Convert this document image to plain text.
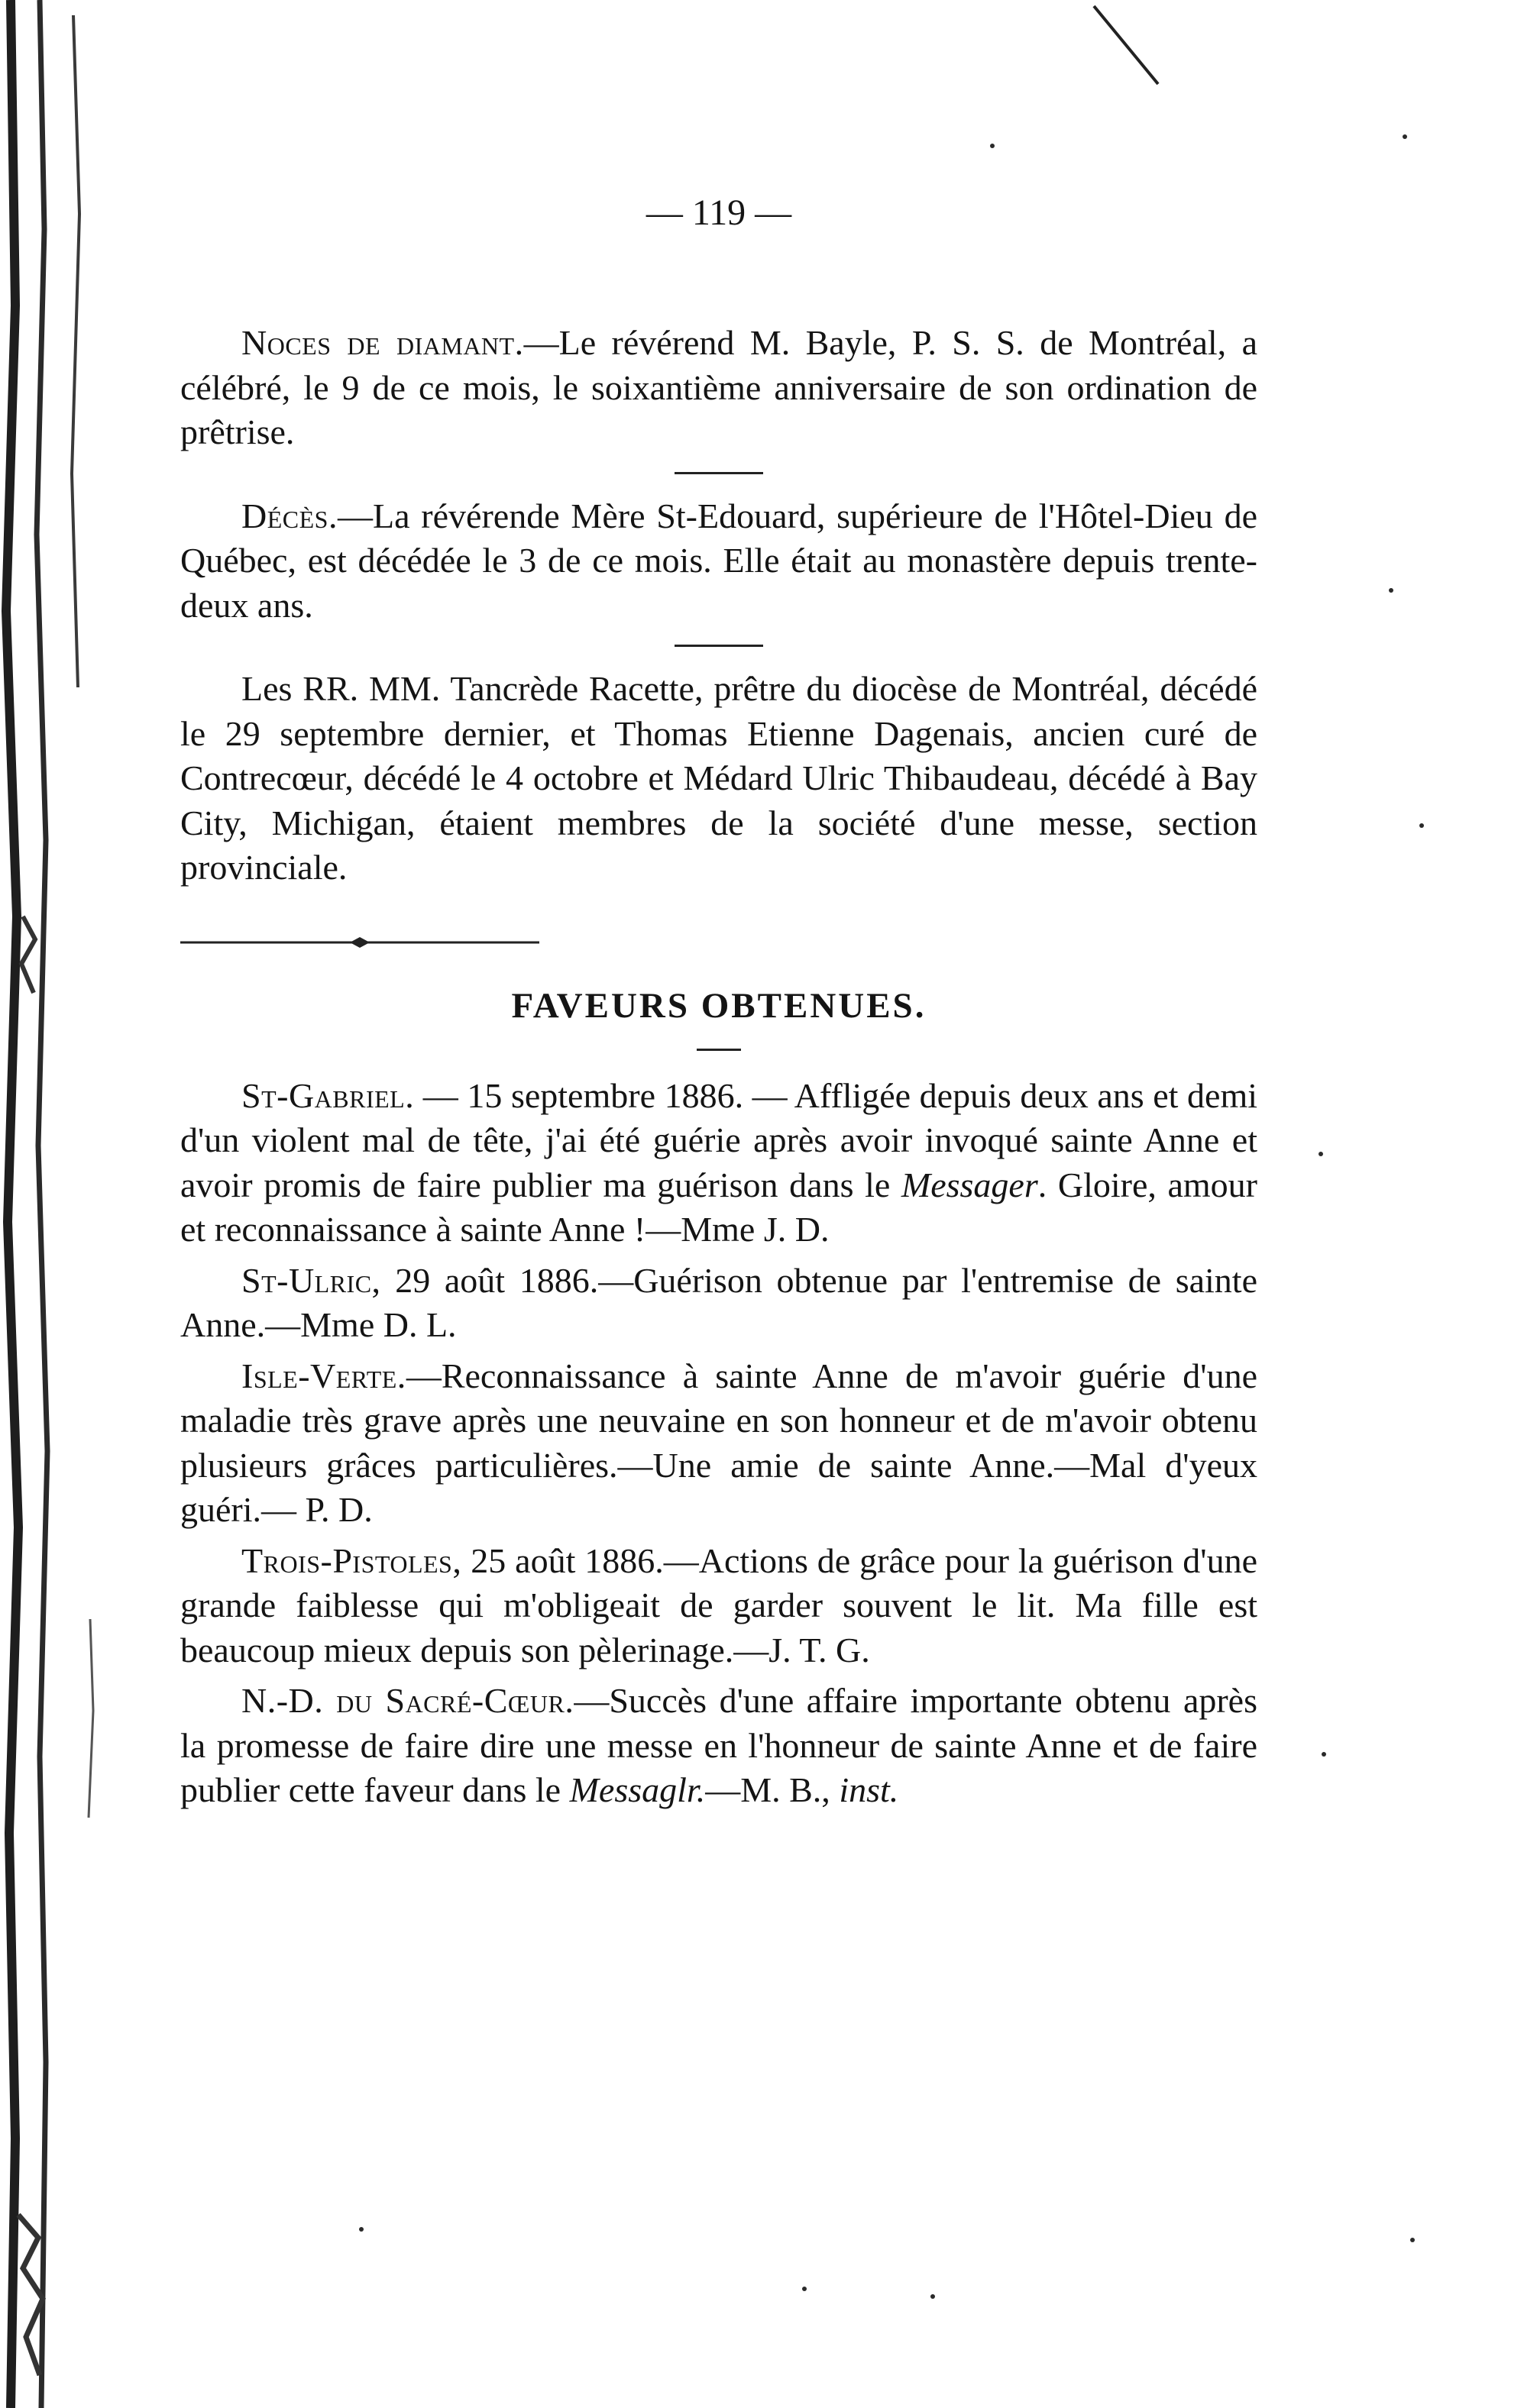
— 119 —

Noces de diamant.—Le révérend M. Bayle, P. S. S. de Montréal, a célébré, le 9 de ce mois, le soixantième anniversaire de son ordination de prêtrise.

Décès.—La révérende Mère St-Edouard, supérieure de l'Hôtel-Dieu de Québec, est décédée le 3 de ce mois. Elle était au monastère depuis trente-deux ans.

Les RR. MM. Tancrède Racette, prêtre du diocèse de Montréal, décédé le 29 septembre dernier, et Thomas Etienne Dagenais, ancien curé de Contrecœur, décédé le 4 octobre et Médard Ulric Thibaudeau, décédé à Bay City, Michigan, étaient membres de la société d'une messe, section provinciale.

FAVEURS OBTENUES.

St-Gabriel. — 15 septembre 1886. — Affligée depuis deux ans et demi d'un violent mal de tête, j'ai été guérie après avoir invoqué sainte Anne et avoir promis de faire publier ma guérison dans le Messager. Gloire, amour et reconnaissance à sainte Anne !—Mme J. D.

St-Ulric, 29 août 1886.—Guérison obtenue par l'entremise de sainte Anne.—Mme D. L.

Isle-Verte.—Reconnaissance à sainte Anne de m'avoir guérie d'une maladie très grave après une neuvaine en son honneur et de m'avoir obtenu plusieurs grâces particulières.—Une amie de sainte Anne.—Mal d'yeux guéri.— P. D.

Trois-Pistoles, 25 août 1886.—Actions de grâce pour la guérison d'une grande faiblesse qui m'obligeait de garder souvent le lit. Ma fille est beaucoup mieux depuis son pèlerinage.—J. T. G.

N.-D. du Sacré-Cœur.—Succès d'une affaire importante obtenu après la promesse de faire dire une messe en l'honneur de sainte Anne et de faire publier cette faveur dans le Messaglr.—M. B., inst.
